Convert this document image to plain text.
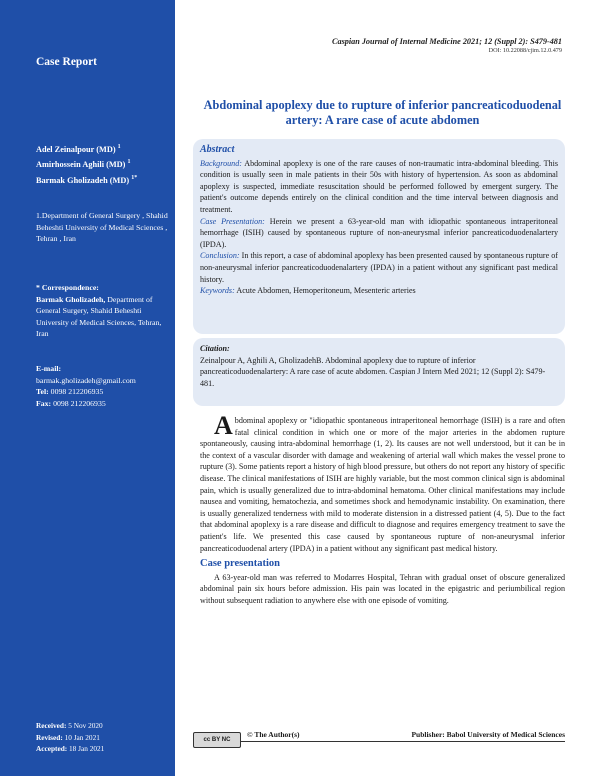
Case Report
Adel Zeinalpour (MD) $^1$
Amirhossein Aghili (MD) $^1$
Barmak Gholizadeh (MD) $^{1*}$
1.Department of General Surgery , Shahid Beheshti University of Medical Sciences , Tehran , Iran
* Correspondence:
Barmak Gholizadeh, Department of General Surgery, Shahid Beheshti University of Medical Sciences, Tehran, Iran
E-mail:
barmak.gholizadeh@gmail.com
Tel: 0098 212206935
Fax: 0098 212206935
Received: 5 Nov 2020
Revised: 10 Jan 2021
Accepted: 18 Jan 2021
Caspian Journal of Internal Medicine 2021; 12 (Suppl 2): S479-481
DOI: 10.22088/cjim.12.0.479
Abdominal apoplexy due to rupture of inferior pancreaticoduodenal artery: A rare case of acute abdomen
Abstract

Background: Abdominal apoplexy is one of the rare causes of non-traumatic intra-abdominal bleeding. This condition is usually seen in male patients in their 50s with history of hypertension. As soon as abdominal apoplexy is suspected, immediate resuscitation should be performed followed by emergent surgery. The patient's outcome depends entirely on the clinical condition and the time interval between diagnosis and treatment.

Case Presentation: Herein we present a 63-year-old man with idiopathic spontaneous intraperitoneal hemorrhage (ISIH) caused by spontaneous rupture of non-aneurysmal inferior pancreaticoduodenalartery (IPDA).

Conclusion: In this report, a case of abdominal apoplexy has been presented caused by spontaneous rupture of non-aneurysmal inferior pancreaticoduodenalartery (IPDA) in a patient without any significant past medical history.

Keywords: Acute Abdomen, Hemoperitoneum, Mesenteric arteries

Citation:

Zeinalpour A, Aghili A, GholizadehB. Abdominal apoplexy due to rupture of inferior pancreaticoduodenalartery: A rare case of acute abdomen. Caspian J Intern Med 2021; 12 (Suppl 2): S479-481.

Abdominal apoplexy or "idiopathic spontaneous intraperitoneal hemorrhage (ISIH) is a rare and often fatal clinical condition in which one or more of the major arteries in the abdomen rupture spontaneously, causing intra-abdominal hemorrhage (1, 2). Its causes are not well understood, but it can be in the context of a vascular disorder with damage and weakening of arterial wall which makes the vessel prone to rupture (3). Some patients report a history of high blood pressure, but others do not report any history of specific disease. The clinical manifestations of ISIH are highly variable, but the most common clinical sign is abdominal pain, which is usually generalized due to intra-abdominal hematoma. Other clinical manifestations may include nausea and vomiting, hematochezia, and sometimes shock and hemodynamic instability. On examination, there is usually generalized tenderness with mild to moderate distension in a distressed patient (4, 5). Due to the fact that abdominal apoplexy is a rare disease and difficult to diagnose and requires emergency treatment to save the patient's life. We presented this case caused by spontaneous rupture of non-aneurysmal inferior pancreaticoduodenal artery (IPDA) in a patient without any significant past medical history.

Case presentation

A 63-year-old man was referred to Modarres Hospital, Tehran with gradual onset of obscure generalized abdominal pain six hours before admission. His pain was located in the epigastric and periumbilical region without subsequent radiation to anywhere else with one episode of vomiting.

cc BY NC
© The Author(s)	Publisher: Babol University of Medical Sciences
